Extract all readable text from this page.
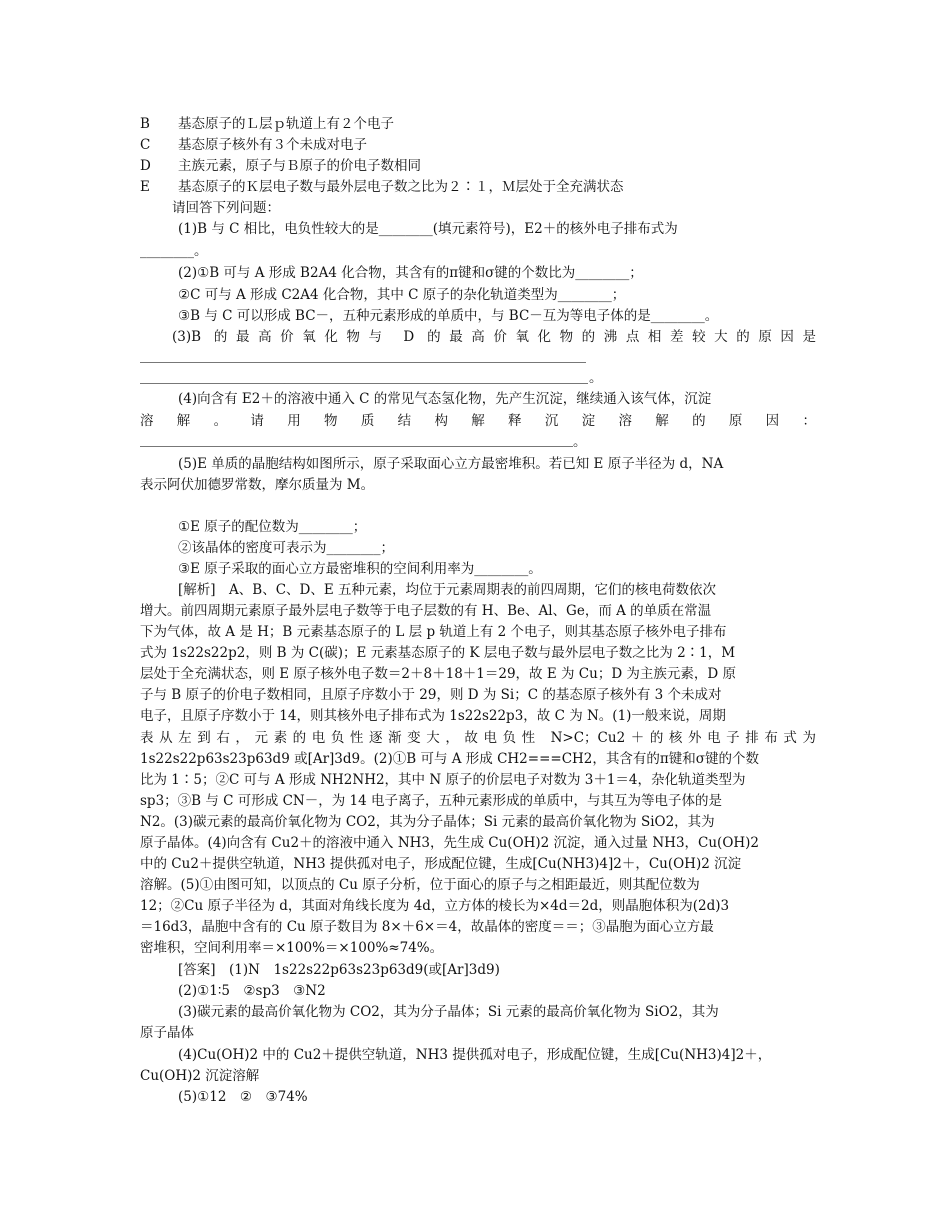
B 基态原子的Ｌ层ｐ轨道上有２个电子
C 基态原子核外有３个未成对电子
D 主族元素，原子与Ｂ原子的价电子数相同
E 基态原子的Ｋ层电子数与最外层电子数之比为２∶１，Ｍ层处于全充满状态
请回答下列问题：
(1)B 与 C 相比，电负性较大的是________(填元素符号)，E2＋的核外电子排布式为
________。
(2)①B 可与 A 形成 B2A4 化合物，其含有的π键和σ键的个数比为________；
②C 可与 A 形成 C2A4 化合物，其中 C 原子的杂化轨道类型为________；
③B 与 C 可以形成 BC－，五种元素形成的单质中，与 BC－互为等电子体的是________。
(3)B 的最高价氧化物与 D 的最高价氧化物的沸点相差较大的原因是
。
(4)向含有 E2＋的溶液中通入 C 的常见气态氢化物，先产生沉淀，继续通入该气体，沉淀
溶 解 。 请 用 物 质 结 构 解 释 沉 淀 溶 解 的 原 因 ：
。
(5)E 单质的晶胞结构如图所示，原子采取面心立方最密堆积。若已知 E 原子半径为 d，NA
表示阿伏加德罗常数，摩尔质量为 M。
①E 原子的配位数为________；
②该晶体的密度可表示为________；
③E 原子采取的面心立方最密堆积的空间利用率为________。
[解析]　A、B、C、D、E 五种元素，均位于元素周期表的前四周期，它们的核电荷数依次
增大。前四周期元素原子最外层电子数等于电子层数的有 H、Be、Al、Ge，而 A 的单质在常温
下为气体，故 A 是 H；B 元素基态原子的 L 层 p 轨道上有 2 个电子，则其基态原子核外电子排布
式为 1s22s22p2，则 B 为 C(碳)；E 元素基态原子的 K 层电子数与最外层电子数之比为 2∶1，M
层处于全充满状态，则 E 原子核外电子数＝2＋8＋18＋1＝29，故 E 为 Cu；D 为主族元素，D 原
子与 B 原子的价电子数相同，且原子序数小于 29，则 D 为 Si；C 的基态原子核外有 3 个未成对
电子，且原子序数小于 14，则其核外电子排布式为 1s22s22p3，故 C 为 N。(1)一般来说，周期
表从左到右，元素的电负性逐渐变大，故电负性 N>C；Cu2＋的核外电子排布式为
1s22s22p63s23p63d9 或[Ar]3d9。(2)①B 可与 A 形成 CH2===CH2，其含有的π键和σ键的个数
比为 1∶5；②C 可与 A 形成 NH2NH2，其中 N 原子的价层电子对数为 3＋1＝4，杂化轨道类型为
sp3；③B 与 C 可形成 CN－，为 14 电子离子，五种元素形成的单质中，与其互为等电子体的是
N2。(3)碳元素的最高价氧化物为 CO2，其为分子晶体；Si 元素的最高价氧化物为 SiO2，其为
原子晶体。(4)向含有 Cu2＋的溶液中通入 NH3，先生成 Cu(OH)2 沉淀，通入过量 NH3，Cu(OH)2
中的 Cu2＋提供空轨道，NH3 提供孤对电子，形成配位键，生成[Cu(NH3)4]2＋，Cu(OH)2 沉淀
溶解。(5)①由图可知，以顶点的 Cu 原子分析，位于面心的原子与之相距最近，则其配位数为
12；②Cu 原子半径为 d，其面对角线长度为 4d，立方体的棱长为×4d＝2d，则晶胞体积为(2d)3
＝16d3，晶胞中含有的 Cu 原子数目为 8×＋6×＝4，故晶体的密度＝＝；③晶胞为面心立方最
密堆积，空间利用率＝×100%＝×100%≈74%。
[答案]　(1)N　1s22s22p63s23p63d9(或[Ar]3d9)
(2)①1∶5　②sp3　③N2
(3)碳元素的最高价氧化物为 CO2，其为分子晶体；Si 元素的最高价氧化物为 SiO2，其为
原子晶体
(4)Cu(OH)2 中的 Cu2＋提供空轨道，NH3 提供孤对电子，形成配位键，生成[Cu(NH3)4]2＋，
Cu(OH)2 沉淀溶解
(5)①12　②　③74%
